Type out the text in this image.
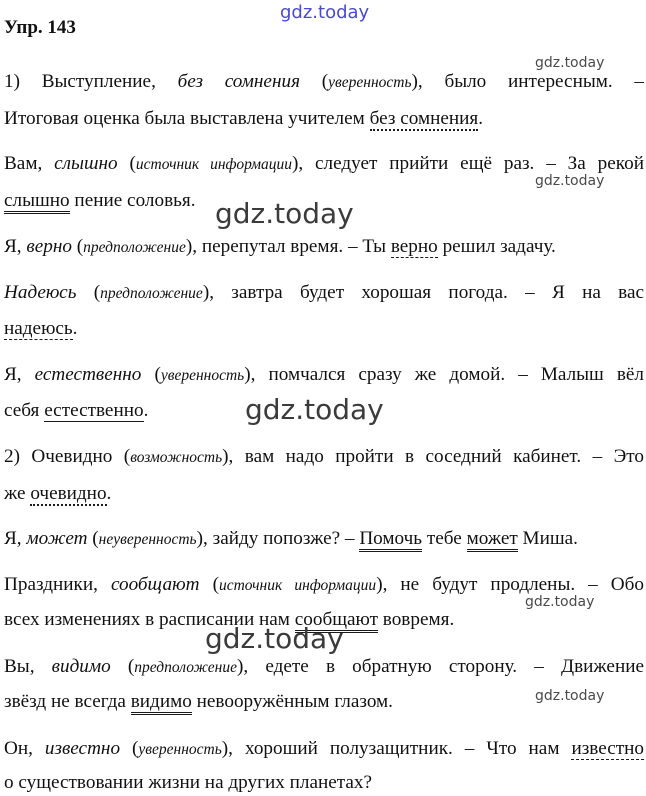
gdz.today
Упр. 143
gdz.today
1) Выступление, без сомнения (уверенность), было интересным. –
Итоговая оценка была выставлена учителем без сомнения.
Вам, слышно (источник информации), следует прийти ещё раз. – За рекой
gdz.today
слышно пение соловья. gdz.today
Я, верно (предположение), перепутал время. – Ты верно решил задачу.
Надеюсь (предположение), завтра будет хорошая погода. – Я на вас
надеюсь.
Я, естественно (уверенность), помчался сразу же домой. – Малыш вёл
себя естественно.	gdz.today
2) Очевидно (возможность), вам надо пройти в соседний кабинет. – Это
же очевидно.
Я, может (неуверенность), зайду попозже? – Помочь тебе может Миша.
Праздники, сообщают (источник информации), не будут продлены. – Обо
gdz.today
всех изменениях в расписании нам сообщают вовремя.
gdz.today
Вы, видимо (предположение), едете в обратную сторону. – Движение
звёзд не всегда видимо невооружённым глазом.	gdz.today
Он, известно (уверенность), хороший полузащитник. – Что нам известно
о существовании жизни на других планетах?
